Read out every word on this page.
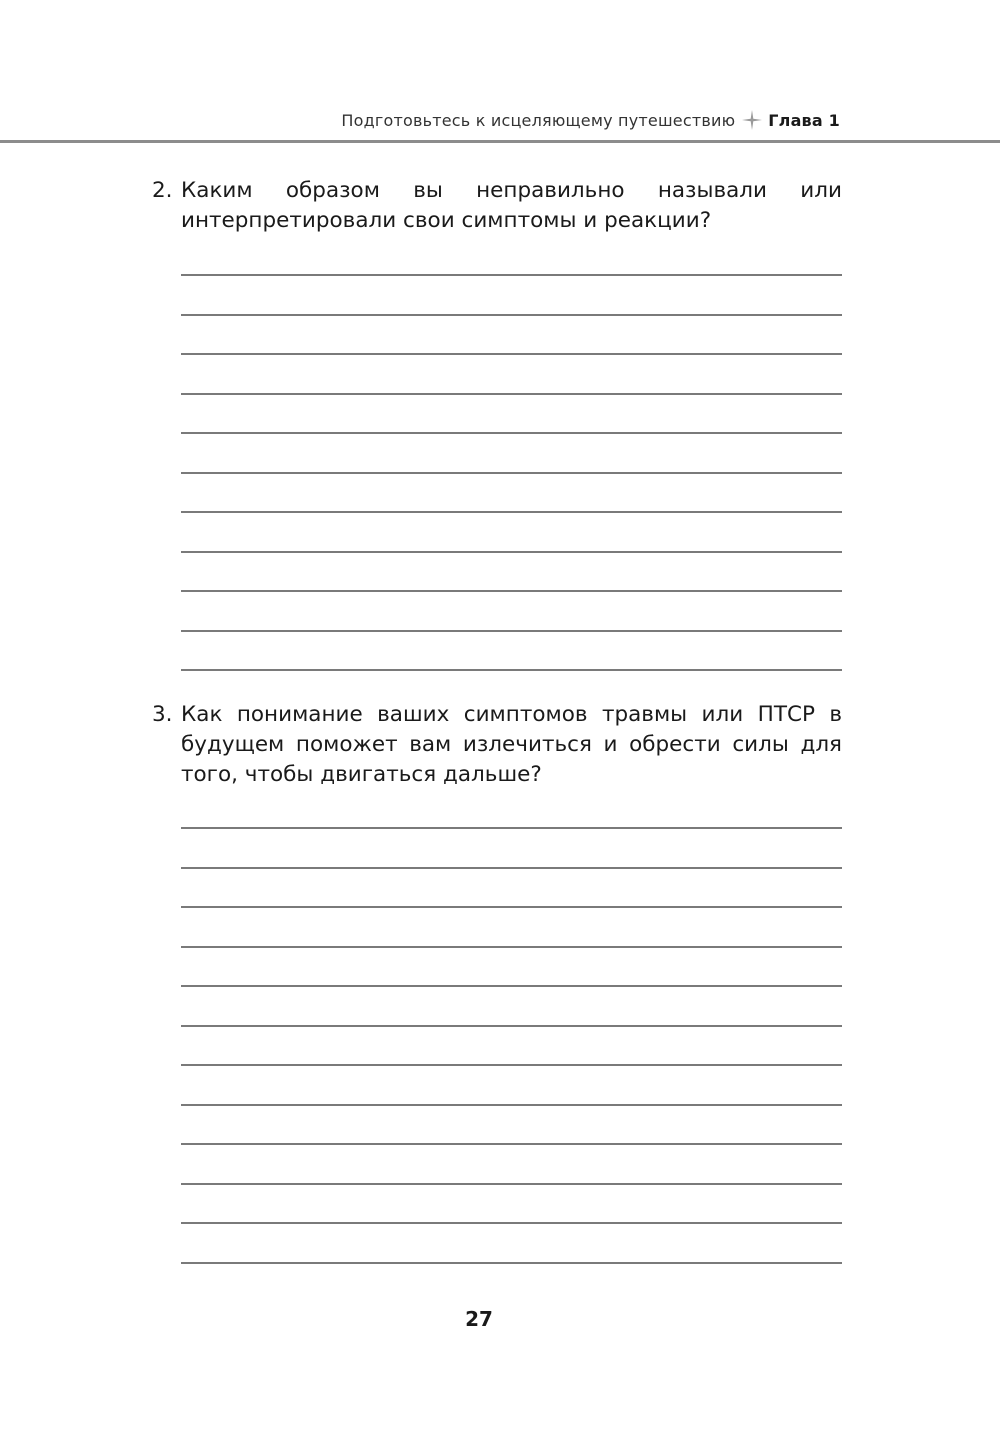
Подготовьтесь к исцеляющему путешествию Глава 1
2. Каким образом вы неправильно называли или интерпретировали свои симптомы и реакции?
3. Как понимание ваших симптомов травмы или ПТСР в будущем поможет вам излечиться и обрести силы для того, чтобы двигаться дальше?
27
